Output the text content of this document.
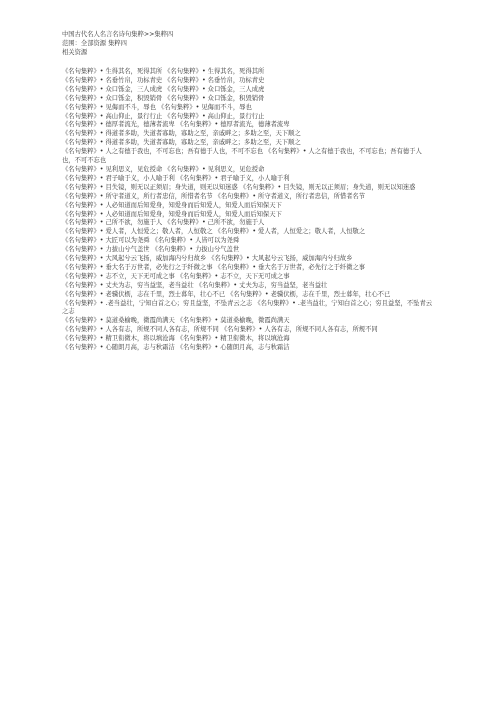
中国古代名人名言名诗句集粹>>集粹四
范围：全部资源 集粹四
相关资源

《名句集粹》• 生得其名，死得其所 《名句集粹》• 生得其名，死得其所

《名句集粹》• 名垂竹帛，功标青史 《名句集粹》• 名垂竹帛，功标青史

《名句集粹》• 众口铄金，三人成虎 《名句集粹》• 众口铄金，三人成虎

《名句集粹》• 众口铄金，积毁销骨 《名句集粹》• 众口铄金，积毁销骨

《名句集粹》• 见侮而不斗，辱也 《名句集粹》• 见侮而不斗，辱也

《名句集粹》• 高山仰止，景行行止 《名句集粹》• 高山仰止，景行行止

《名句集粹》• 德厚者流光，德薄者流卑 《名句集粹》• 德厚者流光，德薄者流卑

《名句集粹》• 得道者多助，失道者寡助，寡助之至，亲戚畔之；多助之至，天下顺之

《名句集粹》• 得道者多助，失道者寡助，寡助之至，亲戚畔之；多助之至，天下顺之

《名句集粹》• 人之有德于我也，不可忘也；吾有德于人也，不可不忘也 《名句集粹》• 人之有德于我也，不可忘也；吾有德于人也，不可不忘也

《名句集粹》• 见利思义，见危授命 《名句集粹》• 见利思义，见危授命

《名句集粹》• 君子喻于义，小人喻于利 《名句集粹》• 君子喻于义，小人喻于利

《名句集粹》• 目失镜，则无以正须眉；身失道，则无以知迷惑 《名句集粹》• 目失镜，则无以正须眉；身失道，则无以知迷惑

《名句集粹》• 所守者道义，所行者忠信，所惜者名节 《名句集粹》• 所守者道义，所行者忠信，所惜者名节

《名句集粹》• 人必知道而后知爱身，知爱身而后知爱人，知爱人而后知保天下

《名句集粹》• 人必知道而后知爱身，知爱身而后知爱人，知爱人而后知保天下

《名句集粹》• 己所不欲，勿施于人 《名句集粹》• 己所不欲，勿施于人

《名句集粹》• 爱人者，人恒爱之；敬人者，人恒敬之 《名句集粹》• 爱人者，人恒爱之；敬人者，人恒敬之

《名句集粹》• 大匠可以为尧舜 《名句集粹》• 人皆可以为尧舜

《名句集粹》• 力拔山兮气盖世 《名句集粹》• 力拔山兮气盖世

《名句集粹》• 大风起兮云飞扬，威加海内兮归故乡 《名句集粹》• 大风起兮云飞扬，威加海内兮归故乡

《名句集粹》• 垂大名于万世者，必先行之于纤微之事 《名句集粹》• 垂大名于万世者，必先行之于纤微之事

《名句集粹》• 志不立，天下无可成之事 《名句集粹》• 志不立，天下无可成之事

《名句集粹》• 丈夫为志，穷当益坚，老当益壮 《名句集粹》• 丈夫为志，穷当益坚，老当益壮

《名句集粹》• 老骥伏枥，志在千里，烈士暮年，壮心不已 《名句集粹》• 老骥伏枥，志在千里，烈士暮年，壮心不已

《名句集粹》• .老当益壮，宁知白首之心；穷且益坚，不坠青云之志 《名句集粹》• .老当益壮，宁知白首之心；穷且益坚，不坠青云之志

《名句集粹》• 莫道桑榆晚，微霞尚满天 《名句集粹》• 莫道桑榆晚，微霞尚满天

《名句集粹》• 人各有志，所规不同人各有志，所规不同 《名句集粹》• 人各有志，所规不同人各有志，所规不同

《名句集粹》• 精卫衔微木，将以填沧海 《名句集粹》• 精卫衔微木，将以填沧海

《名句集粹》• 心随朗月高，志与秋霜洁 《名句集粹》• 心随朗月高，志与秋霜洁
